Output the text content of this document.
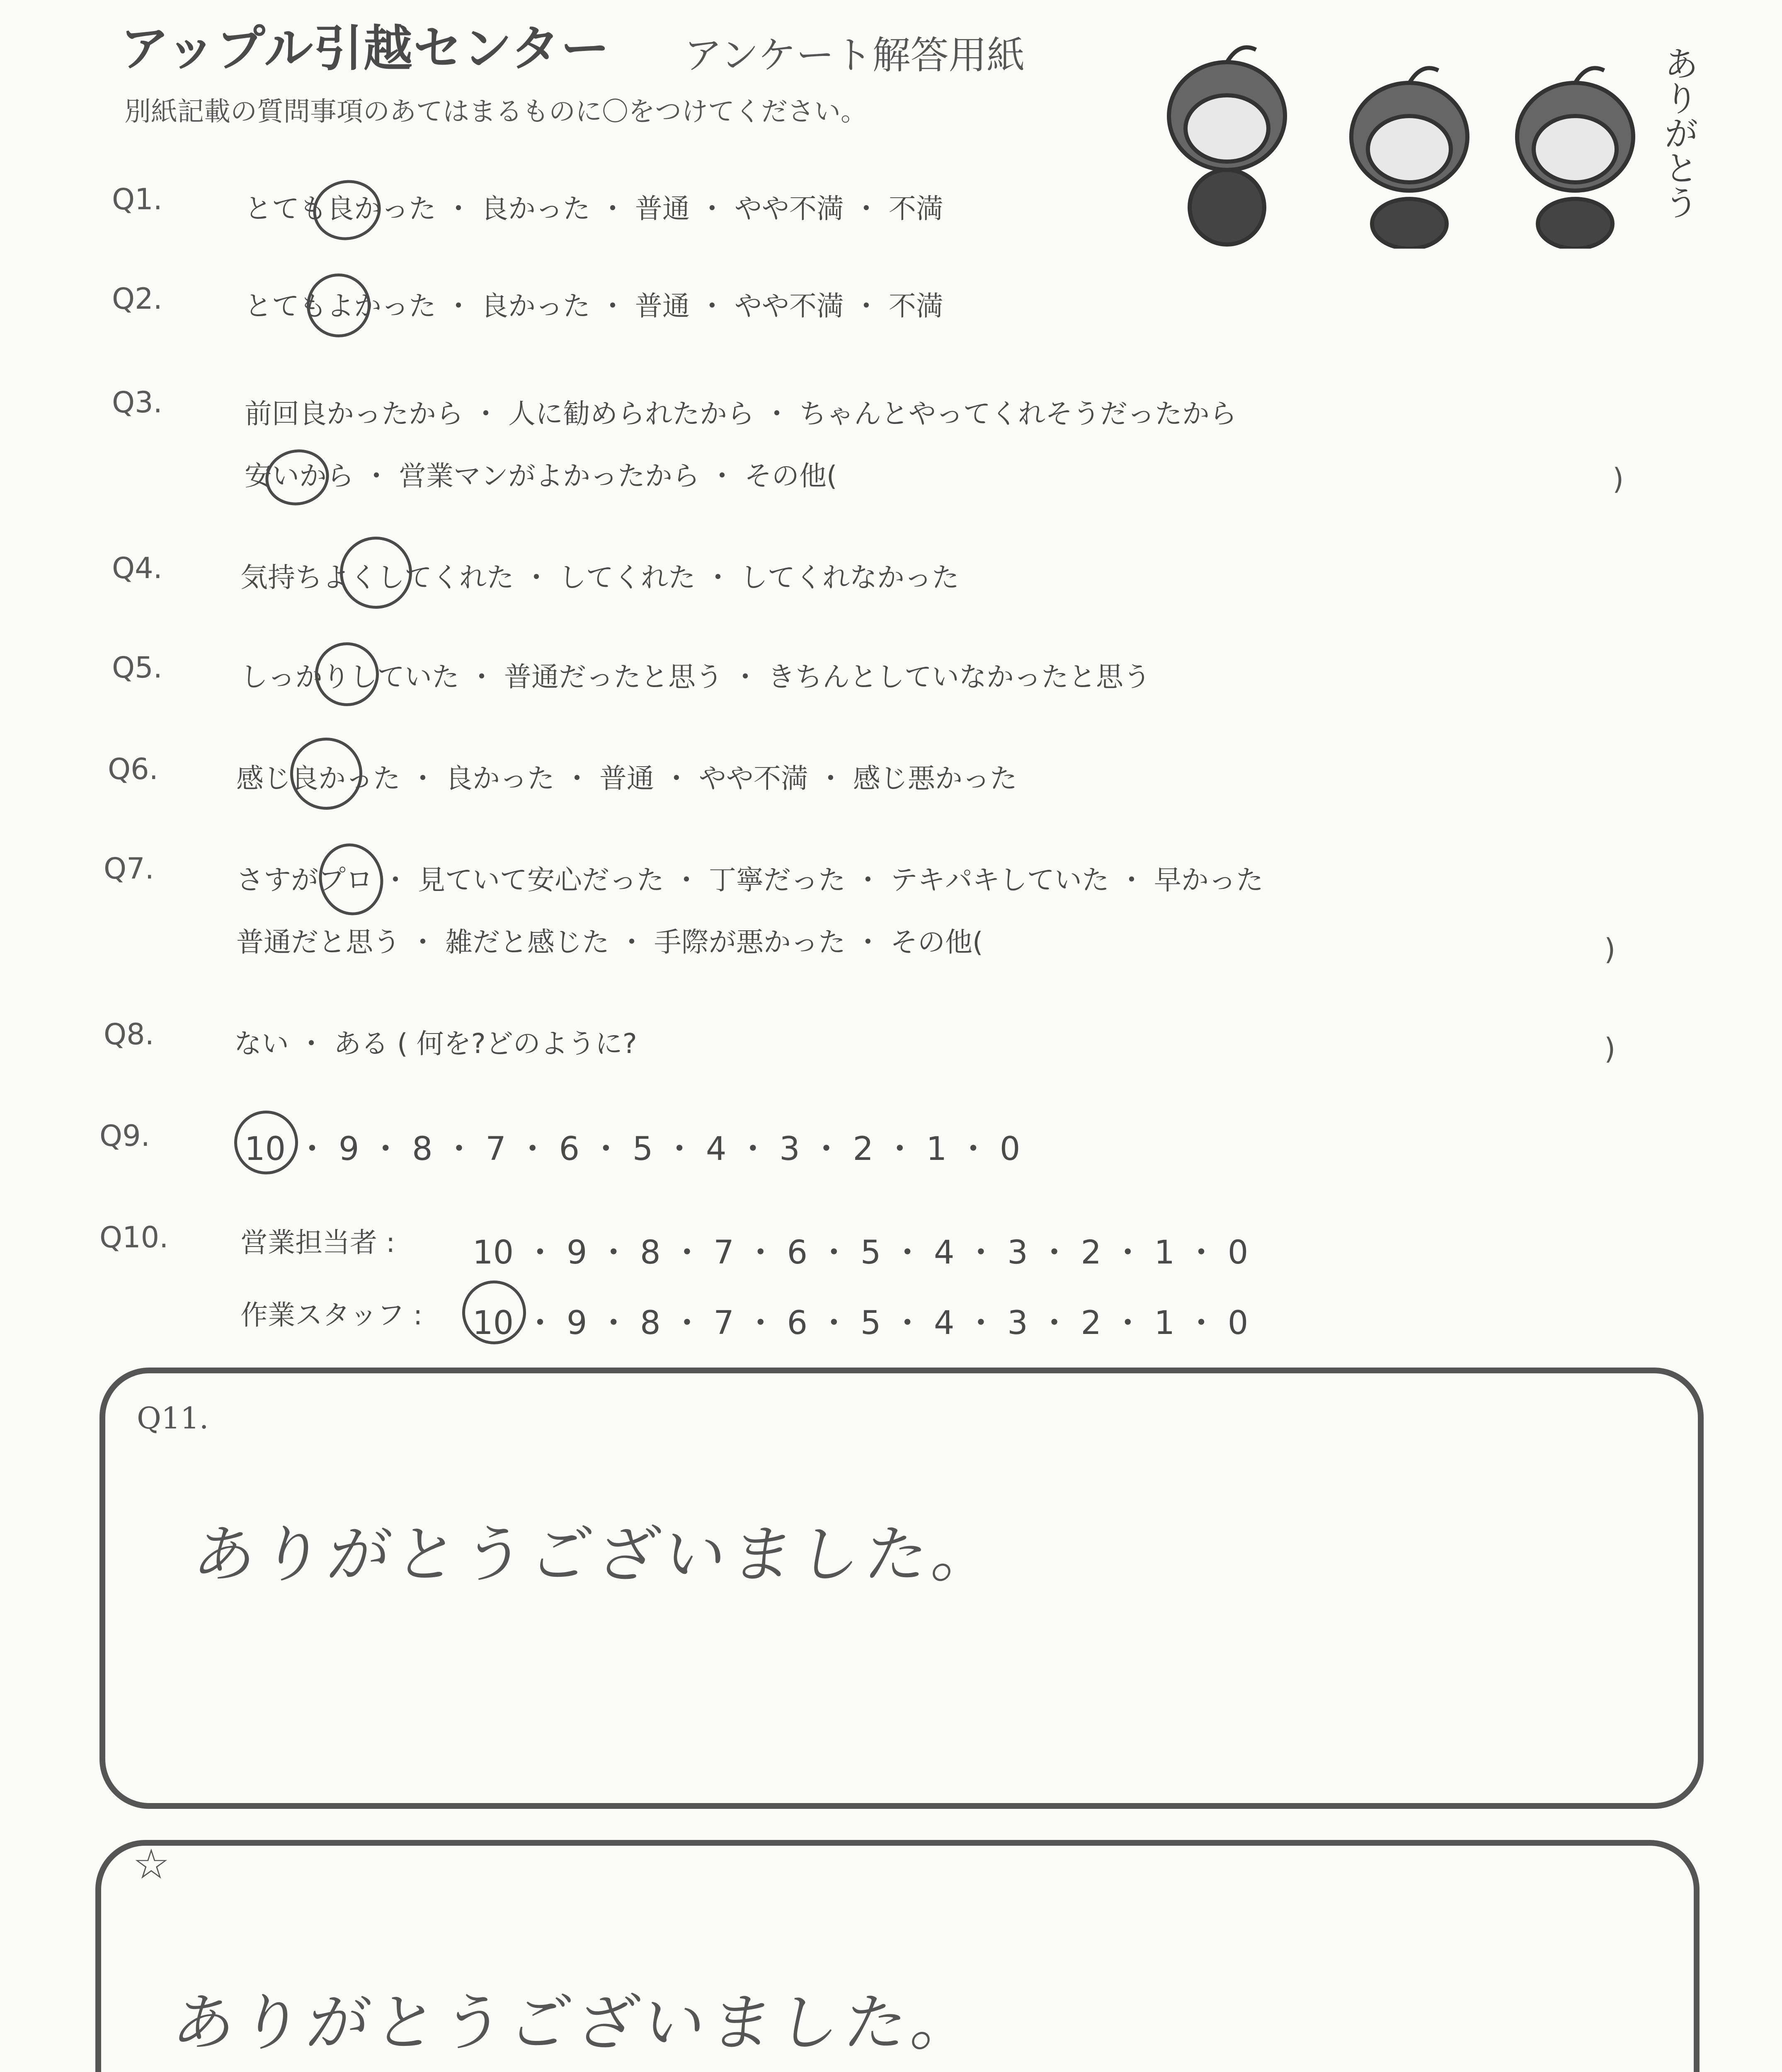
アップル引越センター アンケート解答用紙
別紙記載の質問事項のあてはまるものに〇をつけてください。	ありがとう
Q1.	とても良かった ・ 良かった ・ 普通 ・ やや不満 ・ 不満
Q2.	とてもよかった ・ 良かった ・ 普通 ・ やや不満 ・ 不満
Q3.	前回良かったから ・ 人に勧められたから ・ ちゃんとやってくれそうだったから
安いから ・ 営業マンがよかったから ・ その他(	)
Q4.	気持ちよくしてくれた ・ してくれた ・ してくれなかった
Q5.	しっかりしていた ・ 普通だったと思う ・ きちんとしていなかったと思う
Q6.	感じ良かった ・ 良かった ・ 普通 ・ やや不満 ・ 感じ悪かった
Q7.	さすがプロ ・ 見ていて安心だった ・ 丁寧だった ・ テキパキしていた ・ 早かった
普通だと思う ・ 雑だと感じた ・ 手際が悪かった ・ その他(	)
Q8.	ない ・ ある ( 何を?どのように?	)
Q9.	10 ・ 9 ・ 8 ・ 7 ・ 6 ・ 5 ・ 4 ・ 3 ・ 2 ・ 1 ・ 0
Q10.	営業担当者 : 10 ・ 9 ・ 8 ・ 7 ・ 6 ・ 5 ・ 4 ・ 3 ・ 2 ・ 1 ・ 0
作業スタッフ : 10 ・ 9 ・ 8 ・ 7 ・ 6 ・ 5 ・ 4 ・ 3 ・ 2 ・ 1 ・ 0
Q11.
ありがとうございました。
☆
ありがとうございました。
